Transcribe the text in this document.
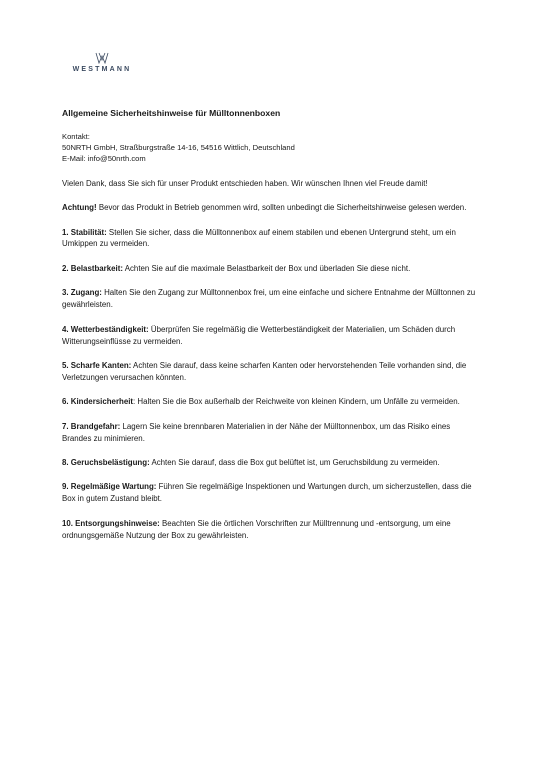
WESTMANN
Allgemeine Sicherheitshinweise für Mülltonnenboxen
Kontakt:
50NRTH GmbH, Straßburgstraße 14-16, 54516 Wittlich, Deutschland
E-Mail: info@50nrth.com

Vielen Dank, dass Sie sich für unser Produkt entschieden haben. Wir wünschen Ihnen viel Freude damit!

Achtung! Bevor das Produkt in Betrieb genommen wird, sollten unbedingt die Sicherheitshinweise gelesen werden.

1. Stabilität: Stellen Sie sicher, dass die Mülltonnenbox auf einem stabilen und ebenen Untergrund steht, um ein Umkippen zu vermeiden.

2. Belastbarkeit: Achten Sie auf die maximale Belastbarkeit der Box und überladen Sie diese nicht.

3. Zugang: Halten Sie den Zugang zur Mülltonnenbox frei, um eine einfache und sichere Entnahme der Mülltonnen zu gewährleisten.

4. Wetterbeständigkeit: Überprüfen Sie regelmäßig die Wetterbeständigkeit der Materialien, um Schäden durch Witterungseinflüsse zu vermeiden.

5. Scharfe Kanten: Achten Sie darauf, dass keine scharfen Kanten oder hervorstehenden Teile vorhanden sind, die Verletzungen verursachen könnten.

6. Kindersicherheit: Halten Sie die Box außerhalb der Reichweite von kleinen Kindern, um Unfälle zu vermeiden.

7. Brandgefahr: Lagern Sie keine brennbaren Materialien in der Nähe der Mülltonnenbox, um das Risiko eines Brandes zu minimieren.

8. Geruchsbelästigung: Achten Sie darauf, dass die Box gut belüftet ist, um Geruchsbildung zu vermeiden.

9. Regelmäßige Wartung: Führen Sie regelmäßige Inspektionen und Wartungen durch, um sicherzustellen, dass die Box in gutem Zustand bleibt.

10. Entsorgungshinweise: Beachten Sie die örtlichen Vorschriften zur Mülltrennung und -entsorgung, um eine ordnungsgemäße Nutzung der Box zu gewährleisten.
